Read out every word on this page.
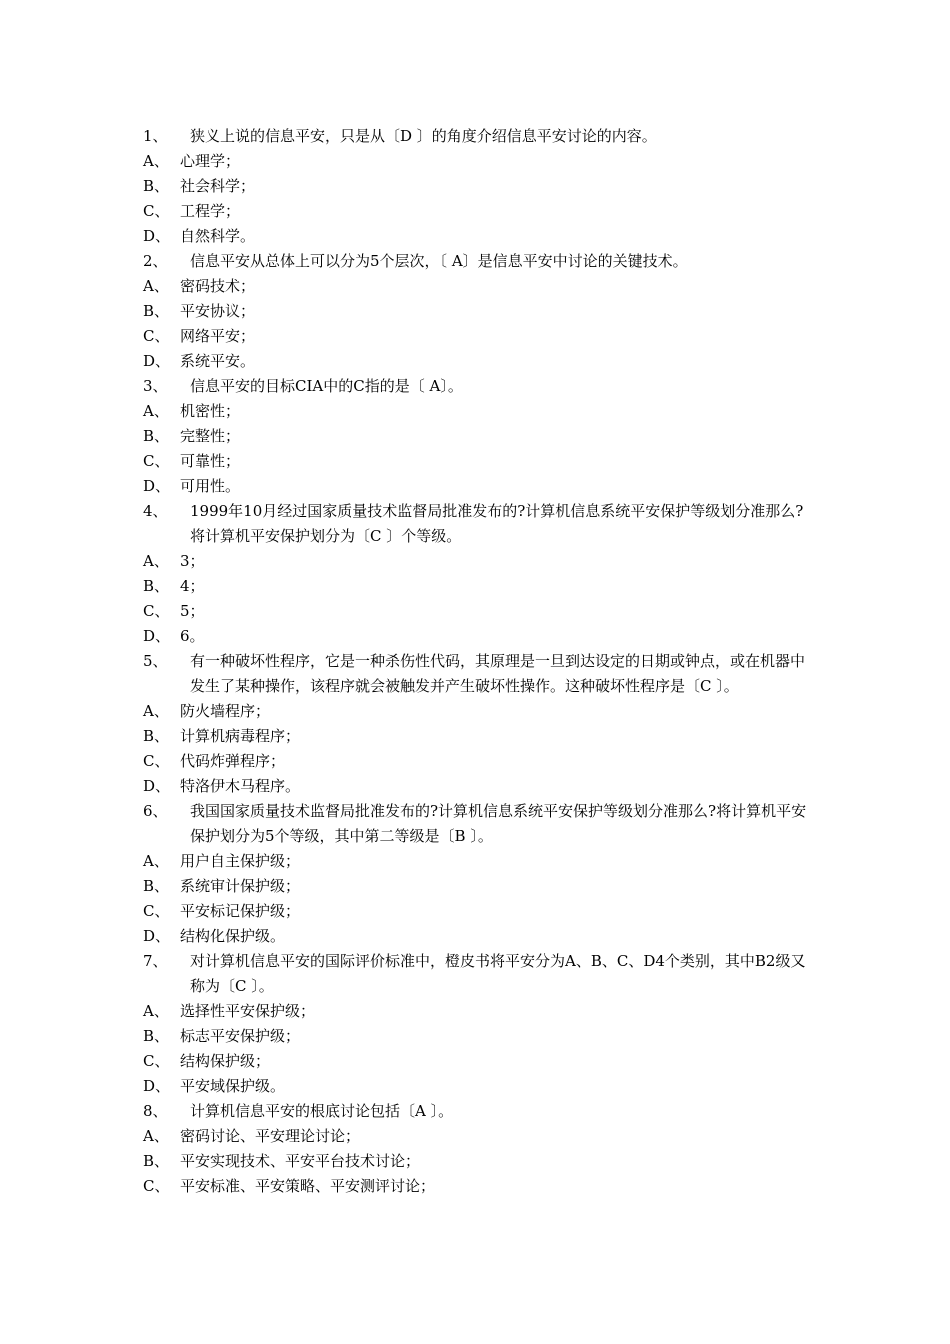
1、	狭义上说的信息平安，只是从〔D 〕的角度介绍信息平安讨论的内容。
A、 心理学；
B、 社会科学；
C、 工程学；
D、 自然科学。
2、	信息平安从总体上可以分为5个层次，〔 A〕是信息平安中讨论的关键技术。
A、 密码技术；
B、 平安协议；
C、 网络平安；
D、 系统平安。
3、	信息平安的目标CIA中的C指的是〔 A〕。
A、 机密性；
B、 完整性；
C、 可靠性；
D、 可用性。
4、	1999年10月经过国家质量技术监督局批准发布的?计算机信息系统平安保护等级划分准那么?将计算机平安保护划分为〔C 〕个等级。
A、 3；
B、 4；
C、 5；
D、 6。
5、	有一种破坏性程序，它是一种杀伤性代码，其原理是一旦到达设定的日期或钟点，或在机器中发生了某种操作，该程序就会被触发并产生破坏性操作。这种破坏性程序是〔C 〕。
A、 防火墙程序；
B、 计算机病毒程序；
C、 代码炸弹程序；
D、 特洛伊木马程序。
6、	我国国家质量技术监督局批准发布的?计算机信息系统平安保护等级划分准那么?将计算机平安保护划分为5个等级，其中第二等级是〔B 〕。
A、 用户自主保护级；
B、 系统审计保护级；
C、 平安标记保护级；
D、 结构化保护级。
7、	对计算机信息平安的国际评价标准中，橙皮书将平安分为A、B、C、D4个类别，其中B2级又称为〔C 〕。
A、 选择性平安保护级；
B、 标志平安保护级；
C、 结构保护级；
D、 平安域保护级。
8、	计算机信息平安的根底讨论包括〔A 〕。
A、 密码讨论、平安理论讨论；
B、 平安实现技术、平安平台技术讨论；
C、 平安标准、平安策略、平安测评讨论；
